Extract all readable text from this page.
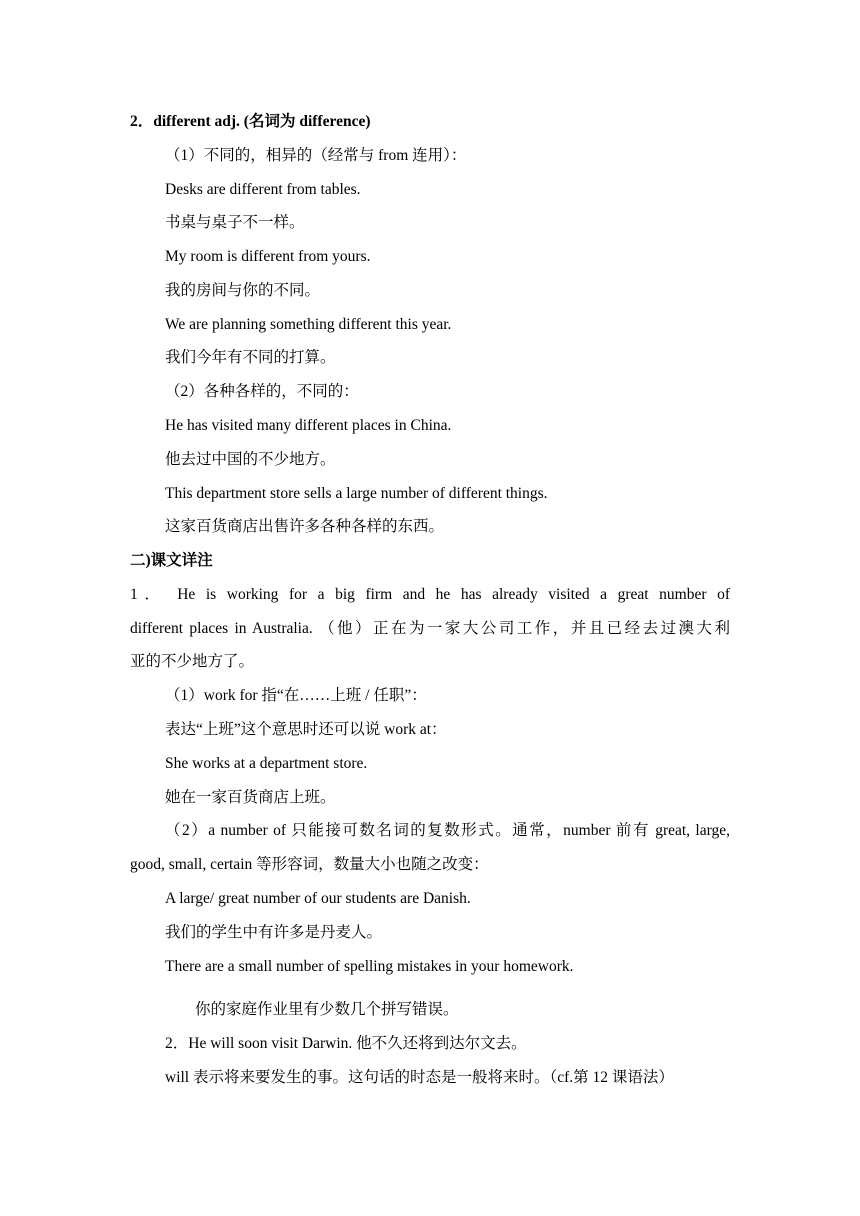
2．different adj. (名词为 difference)
（1）不同的，相异的（经常与 from 连用）：
Desks are different from tables.
书桌与桌子不一样。
My room is different from yours.
我的房间与你的不同。
We are planning something different this year.
我们今年有不同的打算。
（2）各种各样的，不同的：
He has visited many different places in China.
他去过中国的不少地方。
This department store sells a large number of different things.
这家百货商店出售许多各种各样的东西。
二)课文详注
1． He is working for a big firm and he has already visited a great number of
different places in Australia. （他）正在为一家大公司工作，并且已经去过澳大利
亚的不少地方了。
（1）work for 指“在……上班 / 任职”：
表达“上班”这个意思时还可以说 work at：
She works at a department store.
她在一家百货商店上班。
（2）a number of 只能接可数名词的复数形式。通常，number 前有 great, large,
good, small, certain 等形容词，数量大小也随之改变：
A large/ great number of our students are Danish.
我们的学生中有许多是丹麦人。
There are a small number of spelling mistakes in your homework.
你的家庭作业里有少数几个拼写错误。
2．He will soon visit Darwin. 他不久还将到达尔文去。
will 表示将来要发生的事。这句话的时态是一般将来时。（cf.第 12 课语法）
